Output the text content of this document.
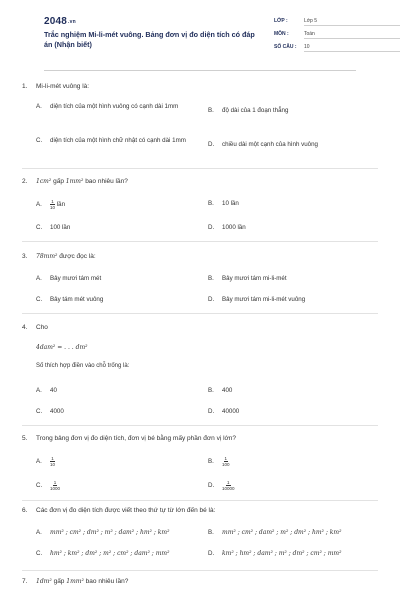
2048.vn
Trắc nghiệm Mi-li-mét vuông. Bảng đơn vị đo diện tích có đáp án (Nhận biết)
LỚP :	Lớp 5
MÔN :	Toán
SỐ CÂU :	10
1.	Mi-li-mét vuông là:
A.	diện tích của một hình vuông có cạnh dài 1mm
B.	độ dài của 1 đoạn thẳng
C.	diện tích của một hình chữ nhật có cạnh dài 1mm
D.	chiều dài một cạnh của hình vuông
2.	1cm² gấp 1mm² bao nhiêu lần?
A.	$\frac{1}{10}$ lần	B.	10 lần
C.	100 lần	D.	1000 lần
3.	78mm² được đọc là:
A.	Bảy mươi tám mét	B.	Bảy mươi tám mi-li-mét
C.	Bảy tám mét vuông	D.	Bảy mươi tám mi-li-mét vuông
4.	Cho
4dam² = . . . dm²
Số thích hợp điền vào chỗ trống là:
A.	40	B.	400
C.	4000	D.	40000
5.	Trong bảng đơn vị đo diện tích, đơn vị bé bằng mấy phần đơn vị lớn?
A.	$\frac{1}{10}$	B.	$\frac{1}{100}$
C.	$\frac{1}{1000}$	D.	$\frac{1}{10000}$
6.	Các đơn vị đo diện tích được viết theo thứ tự từ lớn đến bé là:
A.	mm² ; cm² ; dm² ; m² ; dam² ; hm² ; km²	B.	mm² ; cm² ; dam² ; m² ; dm² ; hm² ; km²
C.	hm² ; km² ; dm² ; m² ; cm² ; dam² ; mm²	D.	km² ; hm² ; dam² ; m² ; dm² ; cm² ; mm²
7.	1dm² gấp 1mm² bao nhiêu lần?
